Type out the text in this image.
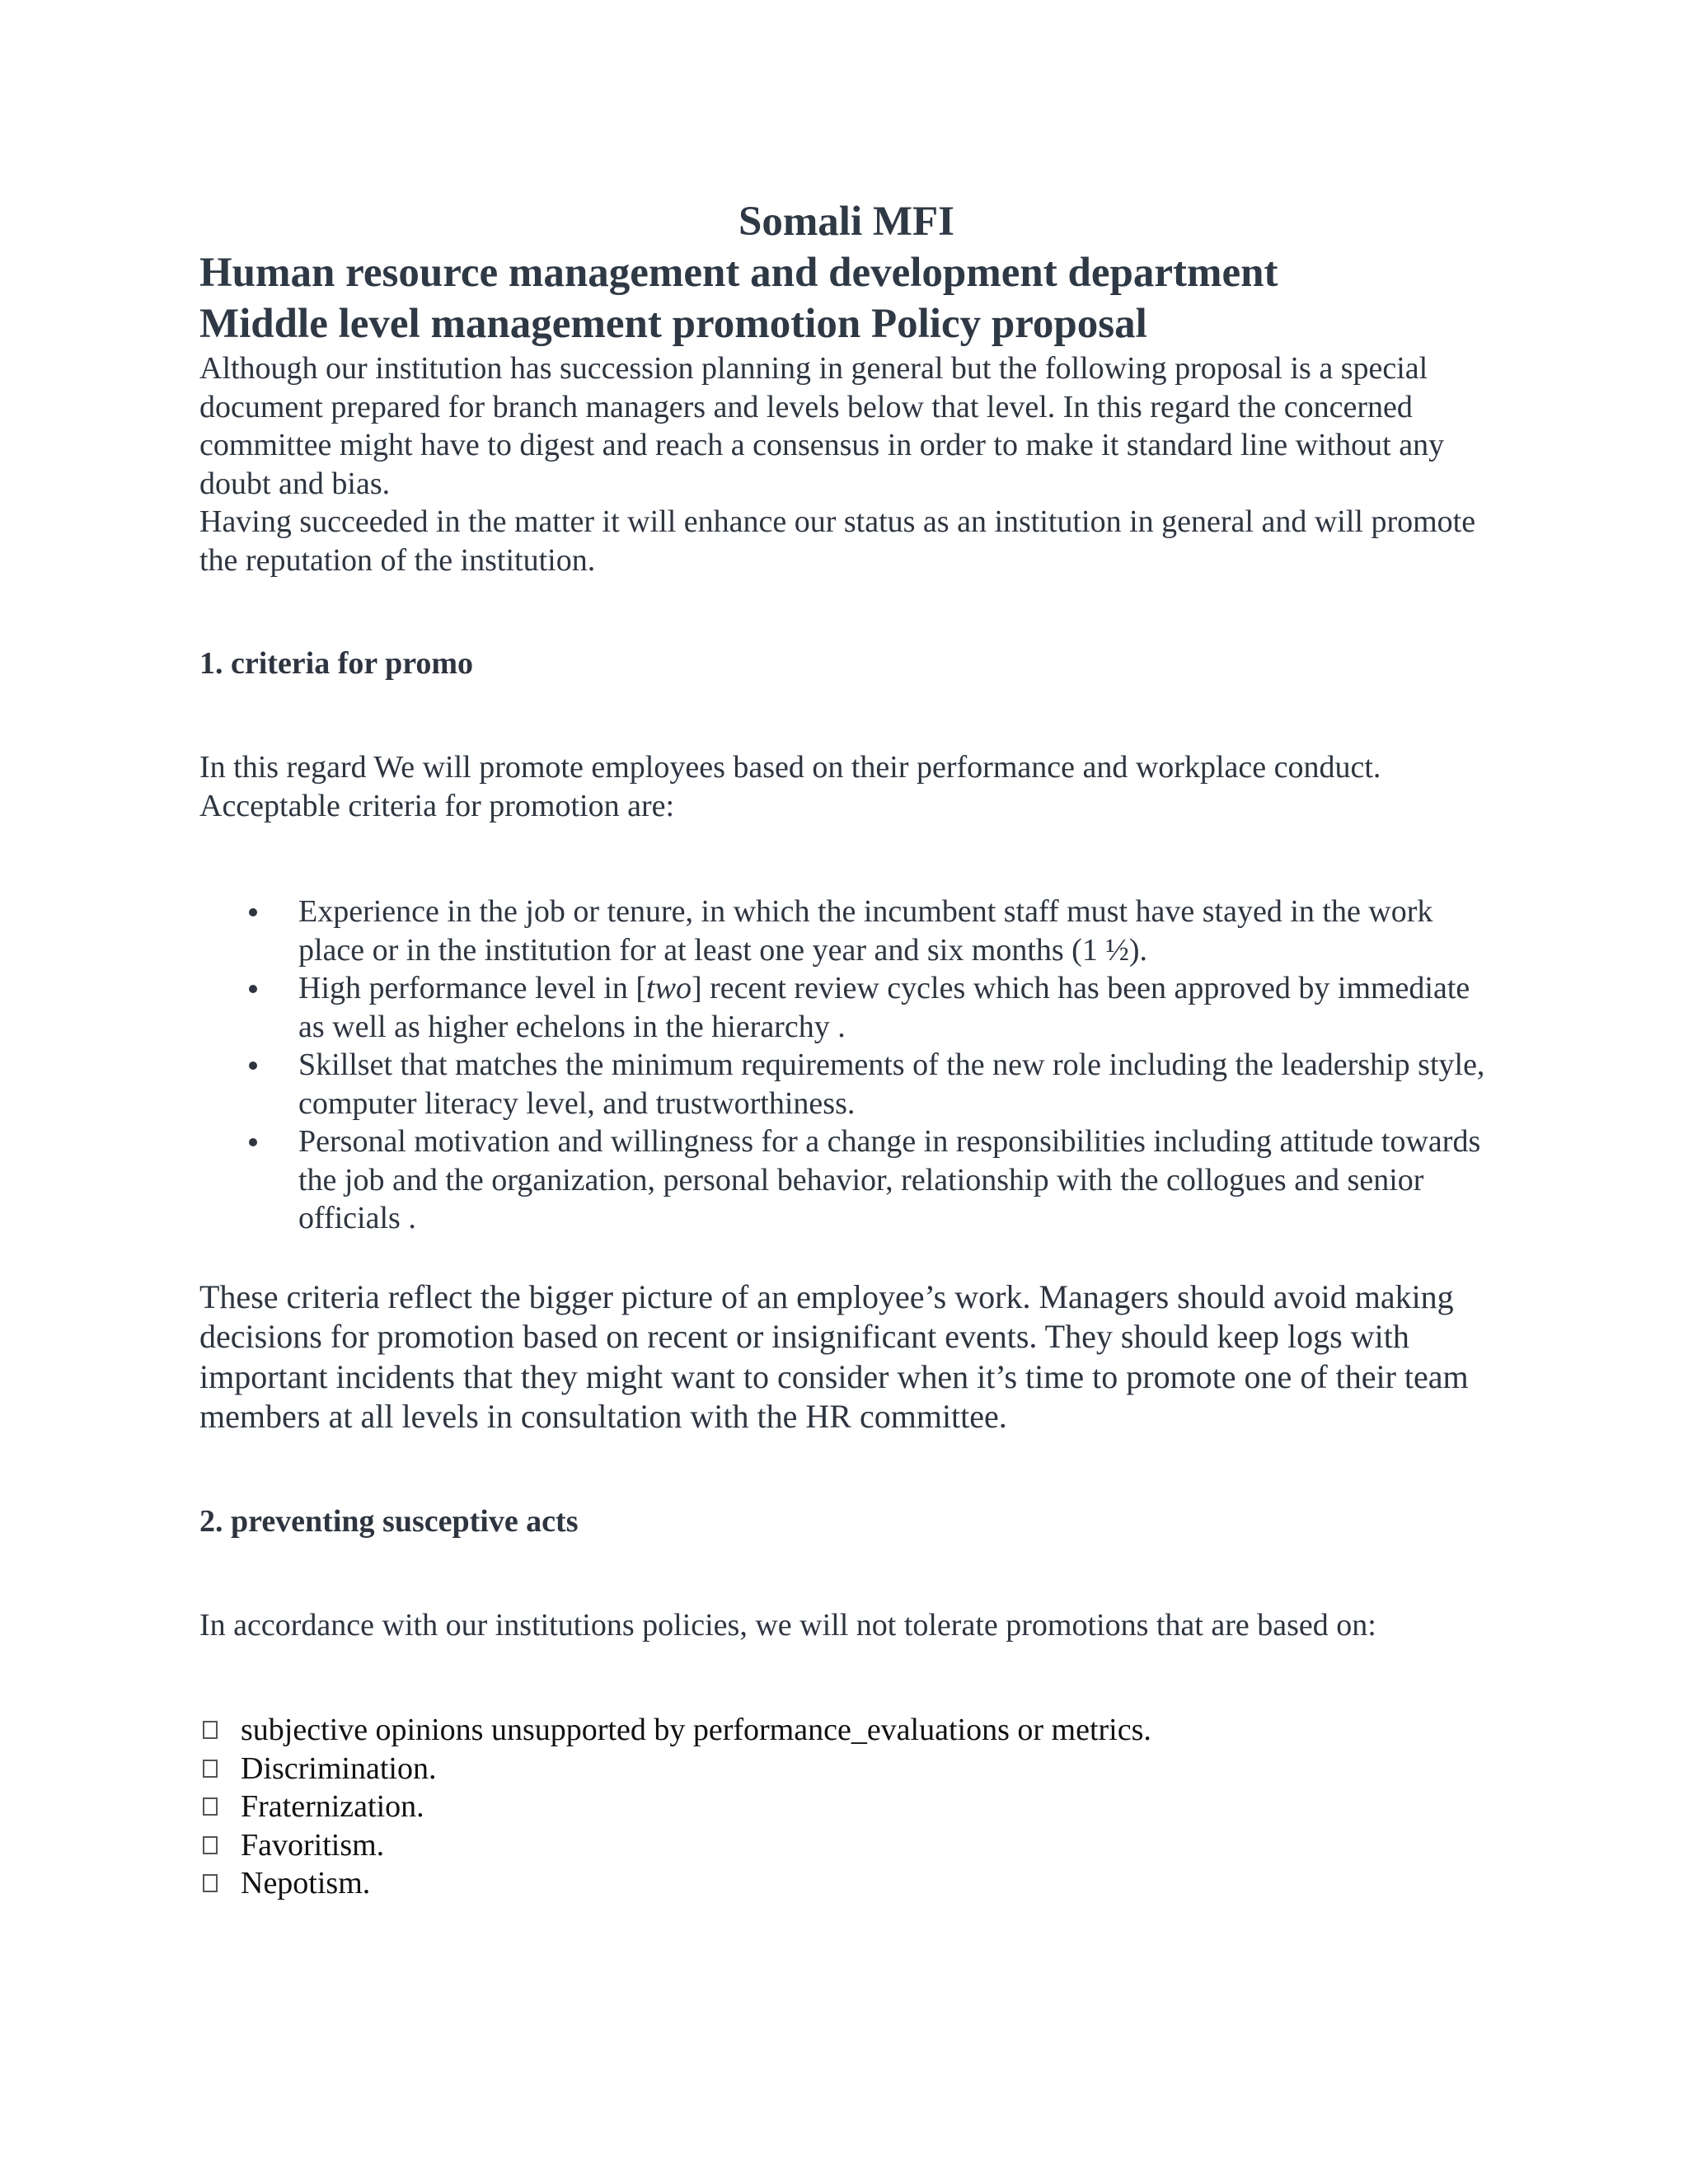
Somali MFI
Human resource management and development department
Middle level management promotion Policy proposal

Although our institution has succession planning in general but the following proposal is a special document prepared for branch managers and levels below that level. In this regard the concerned committee might have to digest and reach a consensus in order to make it standard line without any doubt and bias.

Having succeeded in the matter it will enhance our status as an institution in general and will promote the reputation of the institution.

1. criteria for promo

In this regard We will promote employees based on their performance and workplace conduct. Acceptable criteria for promotion are:

Experience in the job or tenure, in which the incumbent staff must have stayed in the work place or in the institution for at least one year and six months (1 ½).
High performance level in [two] recent review cycles which has been approved by immediate as well as higher echelons in the hierarchy .
Skillset that matches the minimum requirements of the new role including the leadership style, computer literacy level, and trustworthiness.
Personal motivation and willingness for a change in responsibilities including attitude towards the job and the organization, personal behavior, relationship with the collogues and senior officials .

These criteria reflect the bigger picture of an employee’s work. Managers should avoid making decisions for promotion based on recent or insignificant events. They should keep logs with important incidents that they might want to consider when it’s time to promote one of their team members at all levels in consultation with the HR committee.

2. preventing susceptive acts

In accordance with our institutions policies, we will not tolerate promotions that are based on:

subjective opinions unsupported by performance_evaluations or metrics.
Discrimination.
Fraternization.
Favoritism.
Nepotism.
